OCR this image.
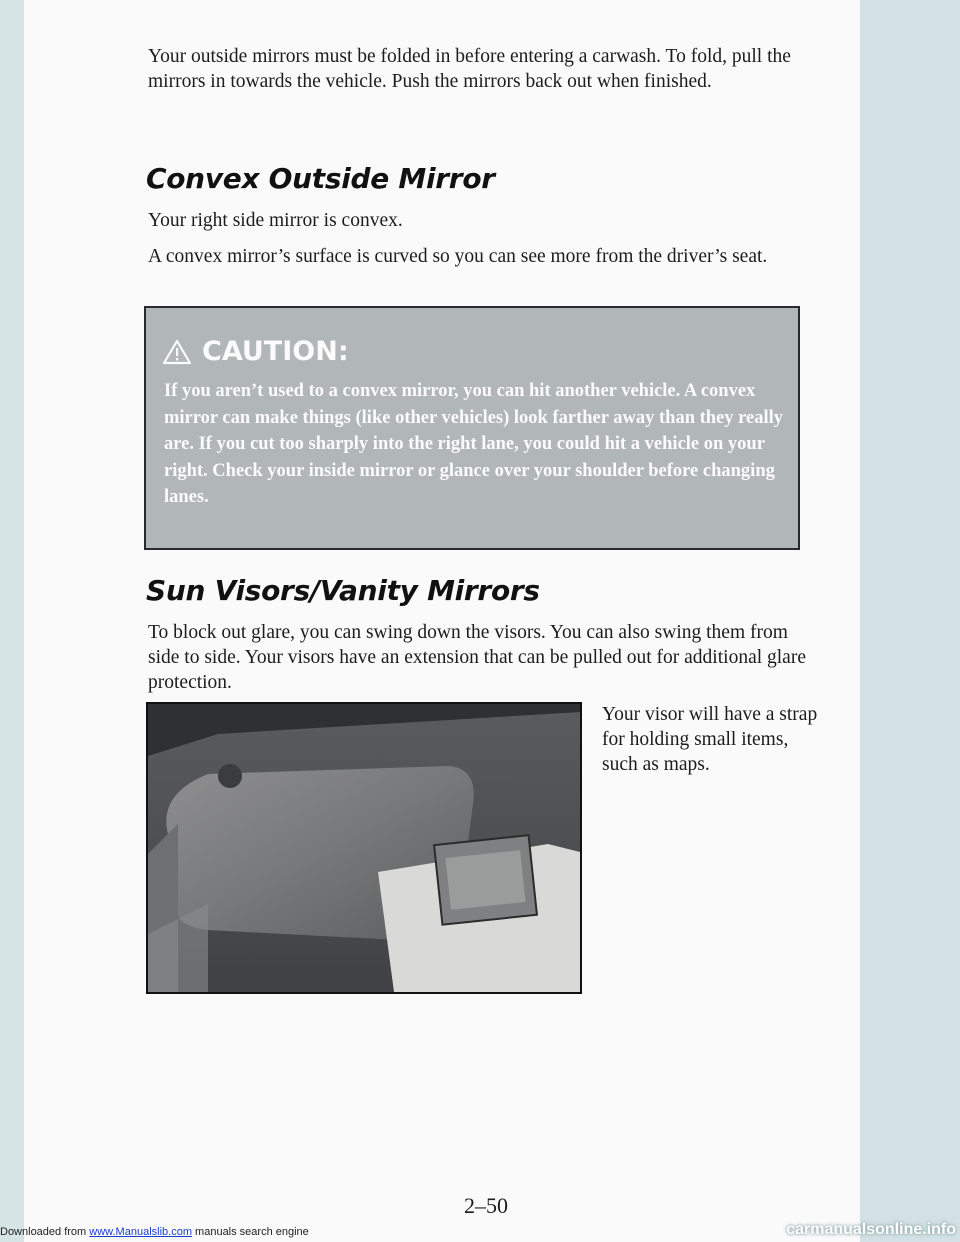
Your outside mirrors must be folded in before entering a carwash. To fold, pull the mirrors in towards the vehicle. Push the mirrors back out when finished.

Convex Outside Mirror

Your right side mirror is convex.

A convex mirror’s surface is curved so you can see more from the driver’s seat.

CAUTION:

If you aren’t used to a convex mirror, you can hit another vehicle. A convex mirror can make things (like other vehicles) look farther away than they really are. If you cut too sharply into the right lane, you could hit a vehicle on your right. Check your inside mirror or glance over your shoulder before changing lanes.

Sun Visors/Vanity Mirrors

To block out glare, you can swing down the visors. You can also swing them from side to side. Your visors have an extension that can be pulled out for additional glare protection.

Your visor will have a strap for holding small items, such as maps.

2–50
Downloaded from www.Manualslib.com manuals search engine	carmanualsonline.info
